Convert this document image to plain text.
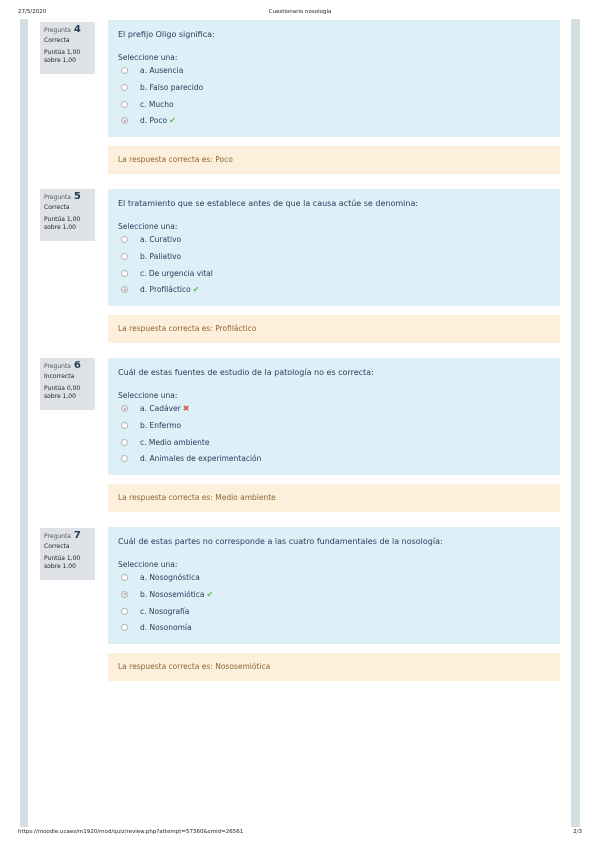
27/5/2020	Cuestionario nosología
Pregunta 4
Correcta
Puntúa 1,00
sobre 1,00
El prefijo Oligo significa:
Seleccione una:
a. Ausencia
b. Falso parecido
c. Mucho
d. Poco ✔
La respuesta correcta es: Poco
Pregunta 5
Correcta
Puntúa 1,00
sobre 1,00
El tratamiento que se establece antes de que la causa actúe se denomina:
Seleccione una:
a. Curativo
b. Paliativo
c. De urgencia vital
d. Profiláctico ✔
La respuesta correcta es: Profiláctico
Pregunta 6
Incorrecta
Puntúa 0,00
sobre 1,00
Cuál de estas fuentes de estudio de la patología no es correcta:
Seleccione una:
a. Cadáver ✖
b. Enfermo
c. Medio ambiente
d. Animales de experimentación
La respuesta correcta es: Medio ambiente
Pregunta 7
Correcta
Puntúa 1,00
sobre 1,00
Cuál de estas partes no corresponde a las cuatro fundamentales de la nosología:
Seleccione una:
a. Nosognóstica
b. Nososemiótica ✔
c. Nosografía
d. Nosonomía
La respuesta correcta es: Nososemiótica
https://moodle.ucaes/m1920/mod/quiz/review.php?attempt=57360&cmid=26561	2/3
